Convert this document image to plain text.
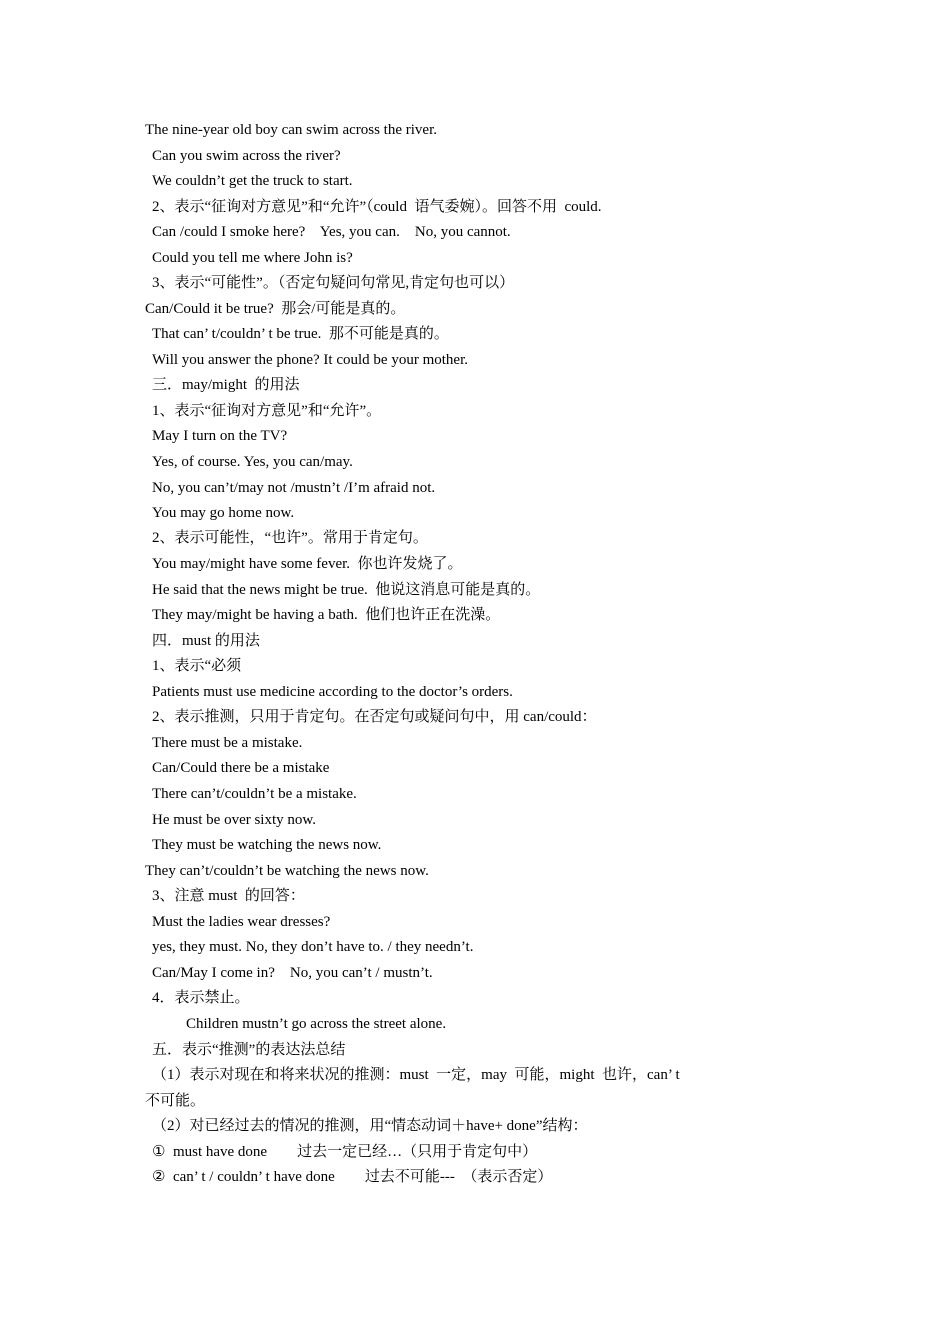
The nine-year old boy can swim across the river.
Can you swim across the river?
We couldn’t get the truck to start.
2、表示“征询对方意见”和“允许”（could  语气委婉）。回答不用  could.
Can /could I smoke here?    Yes, you can.    No, you cannot.
Could you tell me where John is?
3、表示“可能性”。（否定句疑问句常见,肯定句也可以）
Can/Could it be true?  那会/可能是真的。
That can’ t/couldn’ t be true.  那不可能是真的。
Will you answer the phone? It could be your mother.
三．may/might  的用法
1、表示“征询对方意见”和“允许”。
May I turn on the TV?
Yes, of course. Yes, you can/may.
No, you can’t/may not /mustn’t /I’m afraid not.
You may go home now.
2、表示可能性，“也许”。常用于肯定句。
You may/might have some fever.  你也许发烧了。
He said that the news might be true.  他说这消息可能是真的。
They may/might be having a bath.  他们也许正在洗澡。
四．must 的用法
1、表示“必须
Patients must use medicine according to the doctor’s orders.
2、表示推测，只用于肯定句。在否定句或疑问句中，用 can/could：
There must be a mistake.
Can/Could there be a mistake
There can’t/couldn’t be a mistake.
He must be over sixty now.
They must be watching the news now.
They can’t/couldn’t be watching the news now.
3、注意 must  的回答：
Must the ladies wear dresses?
yes, they must. No, they don’t have to. / they needn’t.
Can/May I come in?    No, you can’t / mustn’t.
4．表示禁止。
Children mustn’t go across the street alone.
五．表示“推测”的表达法总结
（1）表示对现在和将来状况的推测：must  一定，may  可能，might  也许，can’ t
不可能。
（2）对已经过去的情况的推测，用“情态动词＋have+ done”结构：
①  must have done        过去一定已经…（只用于肯定句中）
②  can’ t / couldn’ t have done        过去不可能---  （表示否定）
